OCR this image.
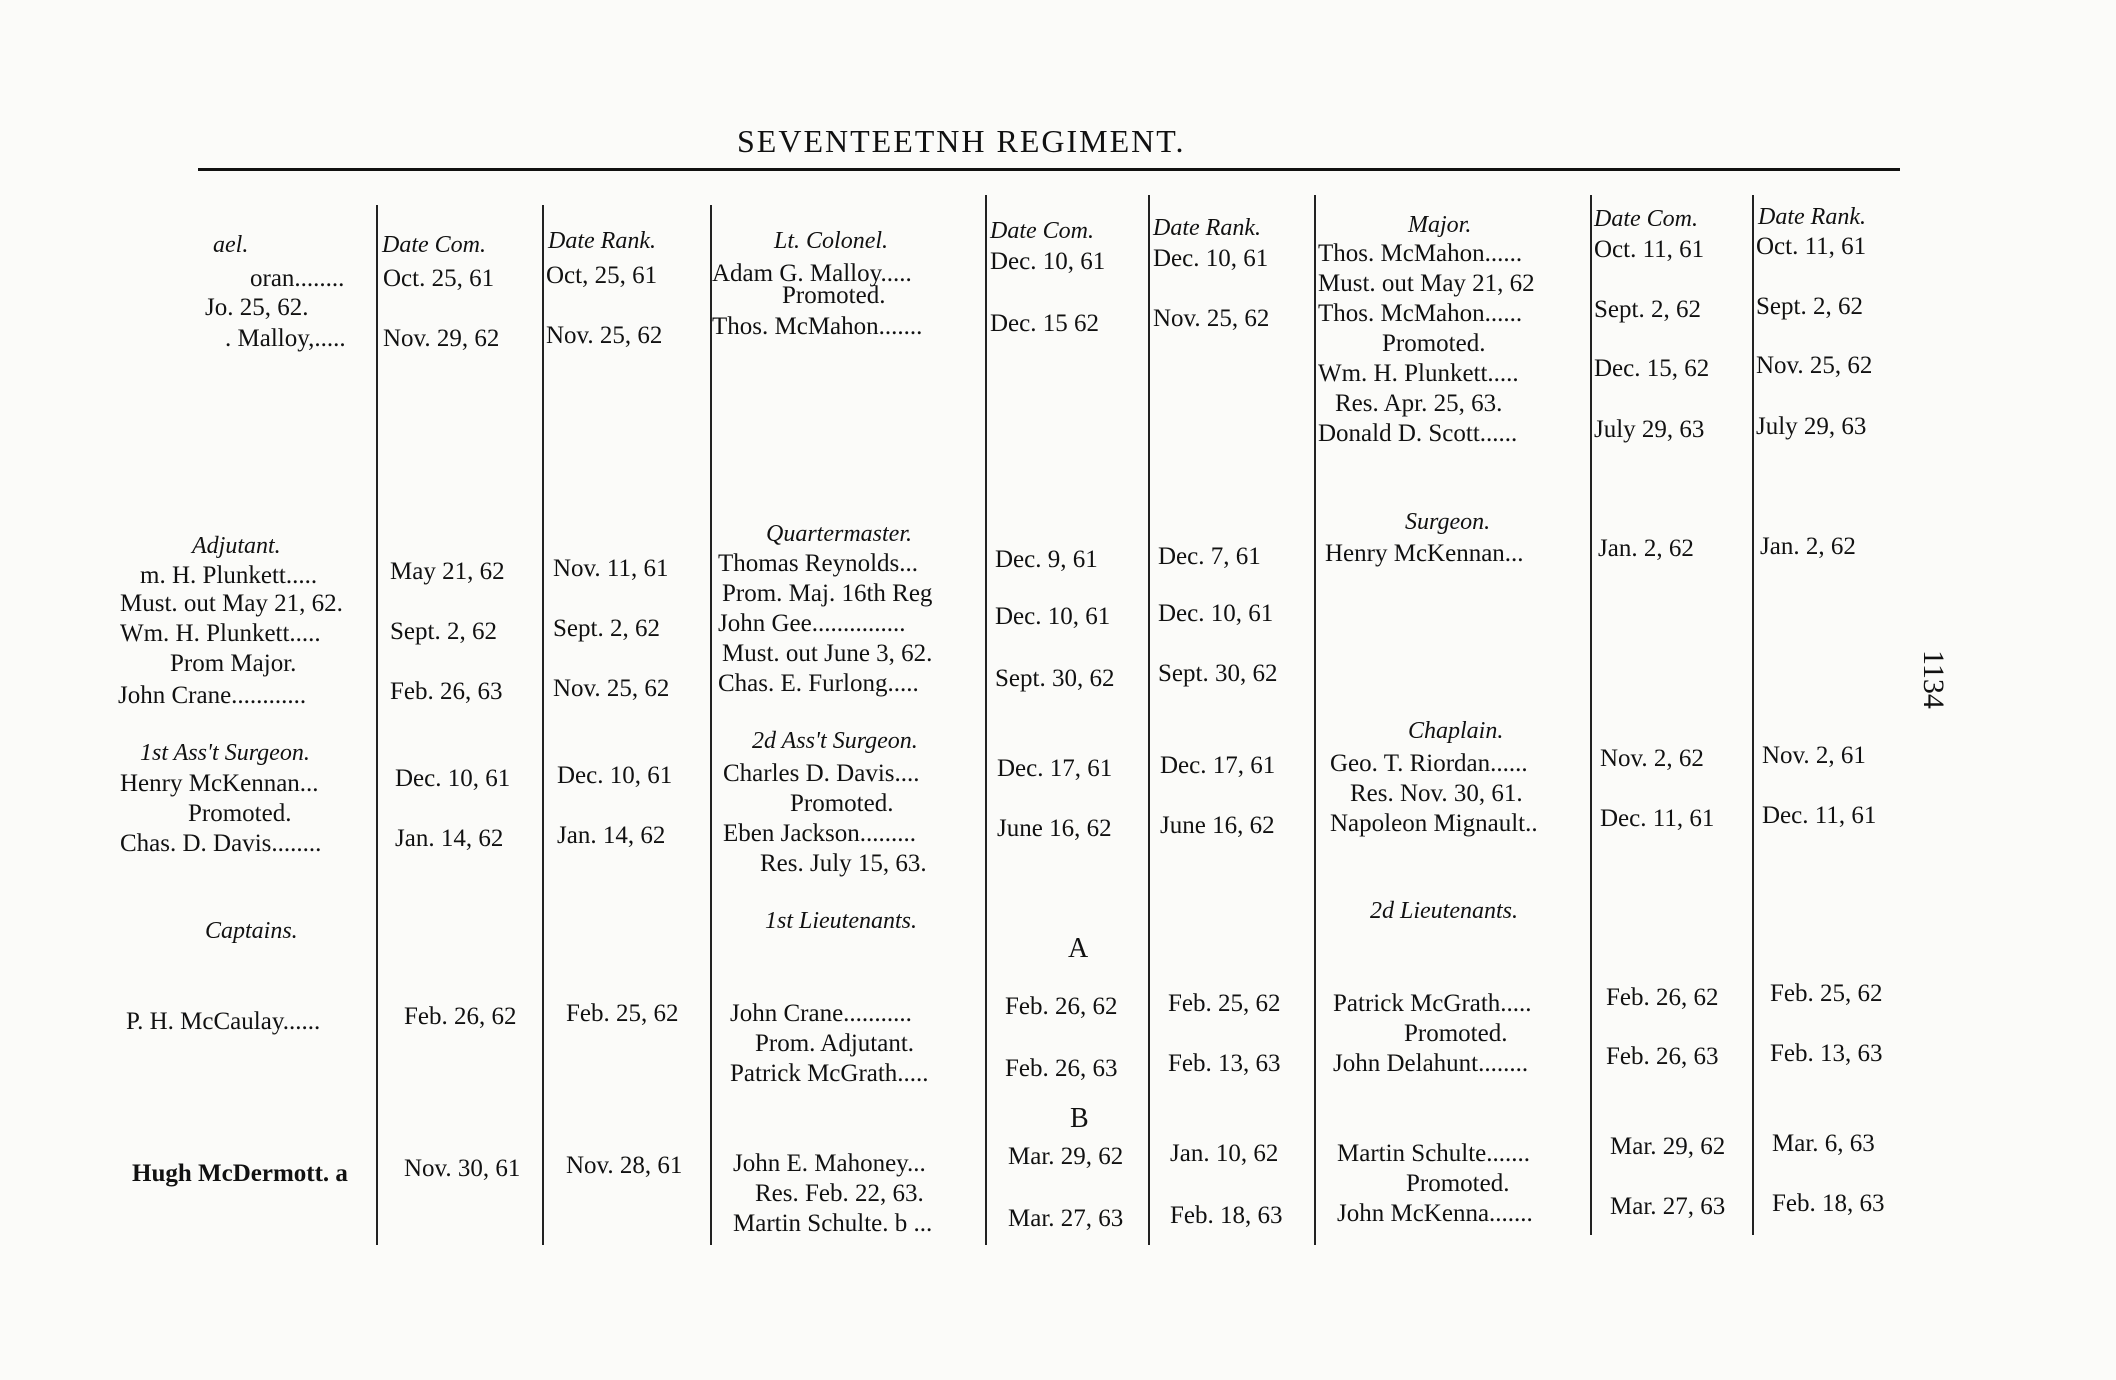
SEVENTEETNH REGIMENT.
ael.	Date Com.	Date Rank.	Lt. Colonel.	Date Com. Date Rank.	Major.	Date Com.	Date Rank.
oran........ Oct. 25, 61 Oct, 25, 61
Jo. 25, 62.
. Malloy,..... Nov. 29, 62 Nov. 25, 62
Adam G. Malloy.....	Dec. 10, 61 Dec. 10, 61
Promoted.
Thos. McMahon.......	Dec. 15 62 Nov. 25, 62
Thos. McMahon......	Oct. 11, 61 Oct. 11, 61
Must. out May 21, 62
Thos. McMahon......	Sept. 2, 62 Sept. 2, 62
Promoted.
Wm. H. Plunkett.....	Dec. 15, 62 Nov. 25, 62
Res. Apr. 25, 63.
Donald D. Scott......	July 29, 63 July 29, 63
Adjutant.	Quartermaster.	Surgeon.
m. H. Plunkett.....	May 21, 62 Nov. 11, 61
Must. out May 21, 62.
Wm. H. Plunkett.....	Sept. 2, 62 Sept. 2, 62
Prom Major.
John Crane............	Feb. 26, 63 Nov. 25, 62
Thomas Reynolds...	Dec. 9, 61 Dec. 7, 61
Prom. Maj. 16th Reg
John Gee...............	Dec. 10, 61 Dec. 10, 61
Must. out June 3, 62.
Chas. E. Furlong.....	Sept. 30, 62 Sept. 30, 62
Henry McKennan...	Jan. 2, 62	Jan. 2, 62
1st Ass't Surgeon.	2d Ass't Surgeon.	Chaplain.
Henry McKennan...	Dec. 10, 61 Dec. 10, 61
Promoted.
Chas. D. Davis........	Jan. 14, 62 Jan. 14, 62
Charles D. Davis....	Dec. 17, 61 Dec. 17, 61
Promoted.
Eben Jackson.........	June 16, 62 June 16, 62
Res. July 15, 63.
Geo. T. Riordan......	Nov. 2, 62 Nov. 2, 61
Res. Nov. 30, 61.
Napoleon Mignault.. Dec. 11, 61 Dec. 11, 61
Captains.	1st Lieutenants.	2d Lieutenants.
A
B
P. H. McCaulay......	Feb. 26, 62 Feb. 25, 62
Hugh McDermott. a Nov. 30, 61 Nov. 28, 61
John Crane...........	Feb. 26, 62 Feb. 25, 62
Prom. Adjutant.
Patrick McGrath.....	Feb. 26, 63 Feb. 13, 63
John E. Mahoney...	Mar. 29, 62 Jan. 10, 62
Res. Feb. 22, 63.
Martin Schulte. b ...	Mar. 27, 63 Feb. 18, 63
Patrick McGrath.....	Feb. 26, 62 Feb. 25, 62
Promoted.
John Delahunt........	Feb. 26, 63 Feb. 13, 63
Martin Schulte.......	Mar. 29, 62 Mar. 6, 63
Promoted.
John McKenna.......	Mar. 27, 63 Feb. 18, 63
1134
